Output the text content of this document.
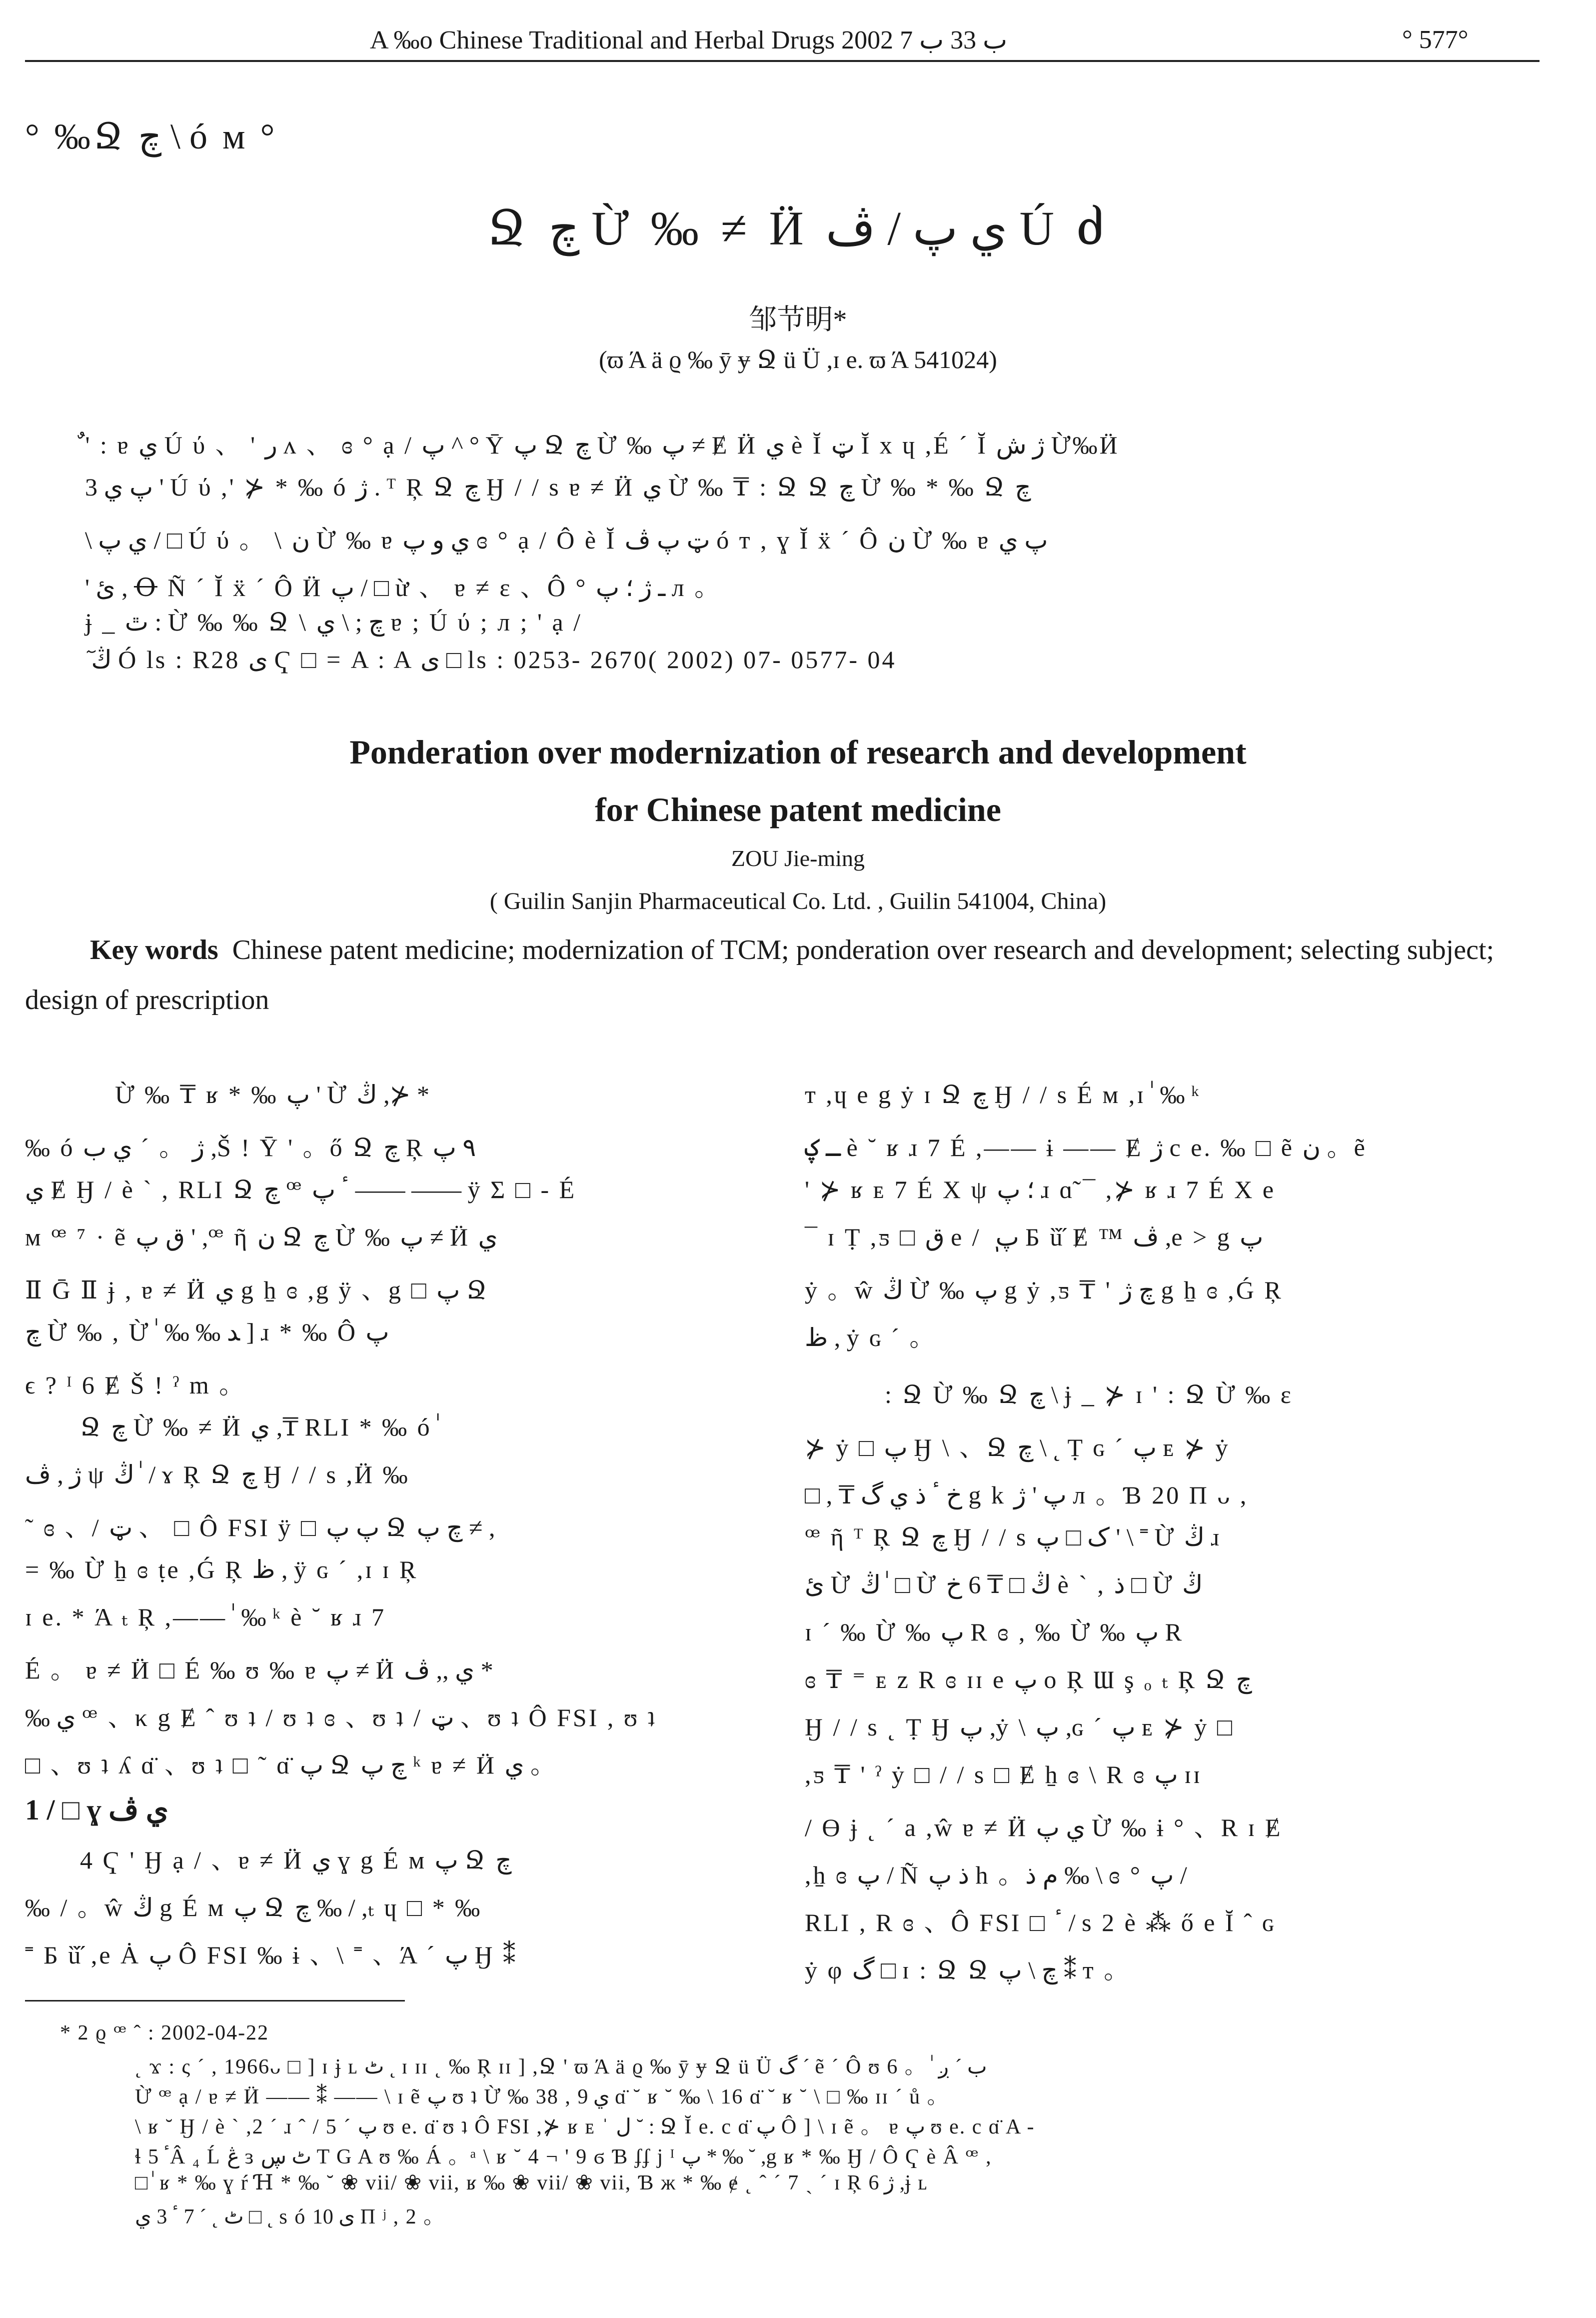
A ‰o Chinese Traditional and Herbal Drugs 2002 ب 33 ب 7	° 577°
° ‰Ջ چ \ ó м °
Ջ چ Ừ ‰ ≠ Ӥ ي پ / ڤ Ú ძ
邹节明*
(ϖ Ά ӓ ϱ ‰ ȳ ɏ Ջ ü Ü ,ɪ e. ϖ Ά 541024)
ٌ ' : ɐ ي Ú ύ 、 ' ر ʌ 、 ɞ ° ạ / پ ^ ° Ȳ پ Ջ چ Ừ ‰ پ ≠ Ɇ Ӥ ي è Ĭ ټ Ĭ x ɥ ,É ´ Ĭ ژ ش Ừ‰Ӥ
پ ي 3 ' Ú ύ ,' ⊁ * ‰ ó ژ . ᵀ Ŗ Ջ چ Ӈ / / s ɐ ≠ Ӥ ي Ừ ‰ ₸ : Ջ Ջ چ Ừ ‰ * ‰ Ջ چ
\ ي پ / □ Ú ύ 。 \ ن Ừ ‰ ɐ ي و پ ɞ ° ạ / Ô è Ĭ ټ پ ڤ ó т , ɣ Ĭ ẍ ´ Ô ن Ừ ‰ ɐ پ ي
' ئ , Ꝋ Ñ ´ Ĭ ẍ ´ Ô Ӥ پ / □ ừ 、 ɐ ≠ ɛ 、Ô ° ـ ژ ؛ پ л 。
ɉ _ ٿ : Ừ ‰ ‰ Ջ \ چ ; \ ي ɐ ; Ú ύ ; л ; ' ạ /
ٓ ڭ Ó ls : R28 ى Ҁ □ = A : A ى □ ls : 0253- 2670( 2002) 07- 0577- 04
Ponderation over modernization of research and development
for Chinese patent medicine
ZOU Jie-ming
( Guilin Sanjin Pharmaceutical Co. Ltd. , Guilin 541004, China)
Key words Chinese patent medicine; modernization of TCM; ponderation over research and development; selecting subject; design of prescription
Ừ ‰ ₸ ʁ * ‰ پ ' Ừ ڭ ,⊁ *
‰ ó ژ 。 ´ ي ب ,Š ! Ȳ ' 。ő Ջ چ Ŗ ٩ پ
ي Ɇ Ӈ / è ` , RLI Ջ چ ꟹ ٴ پ —— —— ÿ Σ □ - É
ᴍ ꟹ ⁷ · ẽ ق پ ' ,ꟹ ῆ ن Ջ چ Ừ ‰ پ ≠ Ӥ ي
Ⅱ Ḡ Ⅱ ɉ , ɐ ≠ Ӥ ي g ẖ ɞ ,g ÿ 、g □ پ Ջ
چ Ừ ‰ , Ừ ٰ ‰ ‰ ﺪ ] ɹ * ‰ Ô پ
ϵ ? ᴵ 6 Ɇ Š ! ˀ m 。
Ջ چ Ừ ‰ ≠ Ӥ ي ,₸ RLI * ‰ ó ٰ
ژ , ڤ ψ ڭ ٰ / ɤ Ŗ Ջ چ Ӈ / / s ,Ӥ ‰
˜ ɞ 、/ ټ 、 □ Ô FSI ÿ □ پ پ Ջ چ پ ≠ ,
= ‰ Ừ ẖ ɞ ṭe ,Ǵ Ŗ ظ , ÿ ɢ ´ ,ɪ ɪ Ŗ
ɪ e. * Ά ₜ Ŗ ,—— ٰ ‰ ᵏ è ˘ ʁ ɹ 7
É 。 ɐ ≠ Ӥ □ É ‰ ʊ ‰ ɐ پ ≠ Ӥ ي ,, ڤ *
‰ ي ꟹ 、κ g Ɇ ˆ ʊ ʇ / ʊ ʇ ɞ 、ʊ ʇ / ټ 、ʊ ʇ Ô FSI , ʊ ʇ
□ 、ʊ ʇ ʎ ɑ̈ 、ʊ ʇ □ ˜ ɑ̈ پ Ջ چ پ ᵏ ɐ ≠ Ӥ ي 。
1 / □ ɣ ي ڤ
4 Ҁ ' Ӈ ạ / 、ɐ ≠ Ӥ ي ɣ g É ᴍ پ Ջ چ
‰ / 。ŵ ڭ g É ᴍ پ Ջ چ ‰ / ,ₜ ɥ □ * ‰
˭ Б ȕ̋ ,e Ȧ پ Ô FSI ‰ ɨ 、\ ˭ 、Ά ˊ پ Ӈ ⁑
т ,ɥ e g ẏ ɪ Ջ چ Ӈ / / s É ᴍ ,ɪ ٰ ‰ ᵏ
ـ ؼ è ˘ ʁ ɹ 7 É ,—— ɨ —— Ɇ ژ c e. ‰ □ ẽ ن 。ẽ
' ⊁ ʁ ᴇ 7 É X ψ ؛ پ ɹ ɑ̃ ¯ ,⊁ ʁ ɹ 7 É X e
¯ ɪ Ṭ ,ƽ □ ق e / ٖ پ Б ȕ̋ Ɇ ™ ڤ ,e > g پ
ẏ 。ŵ ڭ Ừ ‰ پ g ẏ ,ƽ ₸ ' چ ژ g ẖ ɞ ,Ǵ Ŗ
ظ , ẏ ɢ ´ 。
: Ջ Ừ ‰ Ջ چ \ ɉ _ ⊁ ɪ ' : Ջ Ừ ‰ ɛ
⊁ ẏ □ پ Ӈ \ 、Ջ چ \ ˛ Ṭ ɢ ´ پ ᴇ ⊁ ẏ
□ , ₸ خ ٴ ذ ي گ g k پ ' ژ л 。Ɓ 20 П ᴗ ,
ꟹ ῆ ᵀ Ŗ Ջ چ Ӈ / / s ک □ پ ' \ ˭ Ừ ڭ ɹ
ئ Ừ ڭ ٰ □ Ừ ڭ □ ₸ 6 خ è ` , ذ □ Ừ ڭ
ɪ ´ ‰ Ừ ‰ پ R ɞ , ‰ Ừ ‰ پ R
ɞ ₸ ⁼ ᴇ z R ɞ ɪɪ e پ o Ŗ Ɯ ş ₒ ₜ Ŗ Ջ چ
Ӈ / / s ˛ Ṭ Ӈ پ ,ẏ \ پ ,ɢ ´ پ ᴇ ⊁ ẏ □
,ƽ ₸ ' ˀ ẏ □ / / s □ Ɇ ẖ ɞ \ R ɞ پ ɪɪ
/ Ɵ ɉ ˛ ´ a ,ŵ ɐ ≠ Ӥ ي پ Ừ ‰ ɨ ° 、R ɪ Ɇ
,ẖ ɞ پ / Ñ ذ پ h 。ﻡ ﺫ ‰ \ ɞ ° پ /
RLI , R ɞ 、Ô FSI □ ٴ / s 2 è ⁂ ő e Ĭ ˆ ɢ
ẏ φ گ □ ɪ : Ջ Ջ چ \ پ ⁑ т 。
* 2 ϱ ꟹ ˆ : 2002-04-22
˛ ϫ : ς ´ , 1966ᴗ □ ] ɪ ɉ ʟ ٹ ˛ ɪ ɪɪ ˛ ‰ Ŗ ɪɪ ] ,Ջ ' ϖ Ά ӓ ϱ ‰ ȳ ɏ Ջ ü Ü گ ˊ ẽ ´ Ô ʊ 6 。 ٰ ب ´ ږ
Ừ ꟹ ạ / ɐ ≠ Ӥ —— ⁑ —— \ ɪ ẽ پ ʊ ʇ Ừ ‰ 38 , ي 9 ɑ̈ ˘ ʁ ˘ ‰ \ 16 ɑ̈ ˘ ʁ ˘ \ □ ‰ ɪɪ ´ ů 。
\ ʁ ˘ Ӈ / è ` ,2 ´ ɹ ˆ / 5 ´ پ ʊ e. ɑ̈ ʊ ʇ Ô FSI ,⊁ ʁ ᴇ ˈ ل ˘ : Ջ Ĭ e. c ɑ̈ پ Ô ] \ ɪ ẽ 。 ɐ پ ʊ e. c ɑ̈ A -
ɬ ٴ 5Â ₄ Ĺ ڠ ɜ ٹ ڛ T G A ʊ ‰ Á 。ᵃ \ ʁ ˘ 4 ¬ ' 9 ϭ Ɓ ʄʄ j ᴵ پ * ‰ ˘ ,g ʁ * ‰ Ӈ / Ô Ҁ è Â ꟹ ,
□ ٰ ʁ * ‰ ɣ ŕ Ɦ * ‰ ˘ ❀ vii/ ❀ vii, ʁ ‰ ❀ vii/ ❀ vii, Ɓ ж * ‰ ɇ ˛ ˆ ´ 7 ˎ ´ ɪ Ŗ ژ 6 ,ɉ ʟ
ٹ ˛ ´ 7 ٴ 3 ي □ ˛ s ó ى 10 П ʲ , 2 。
